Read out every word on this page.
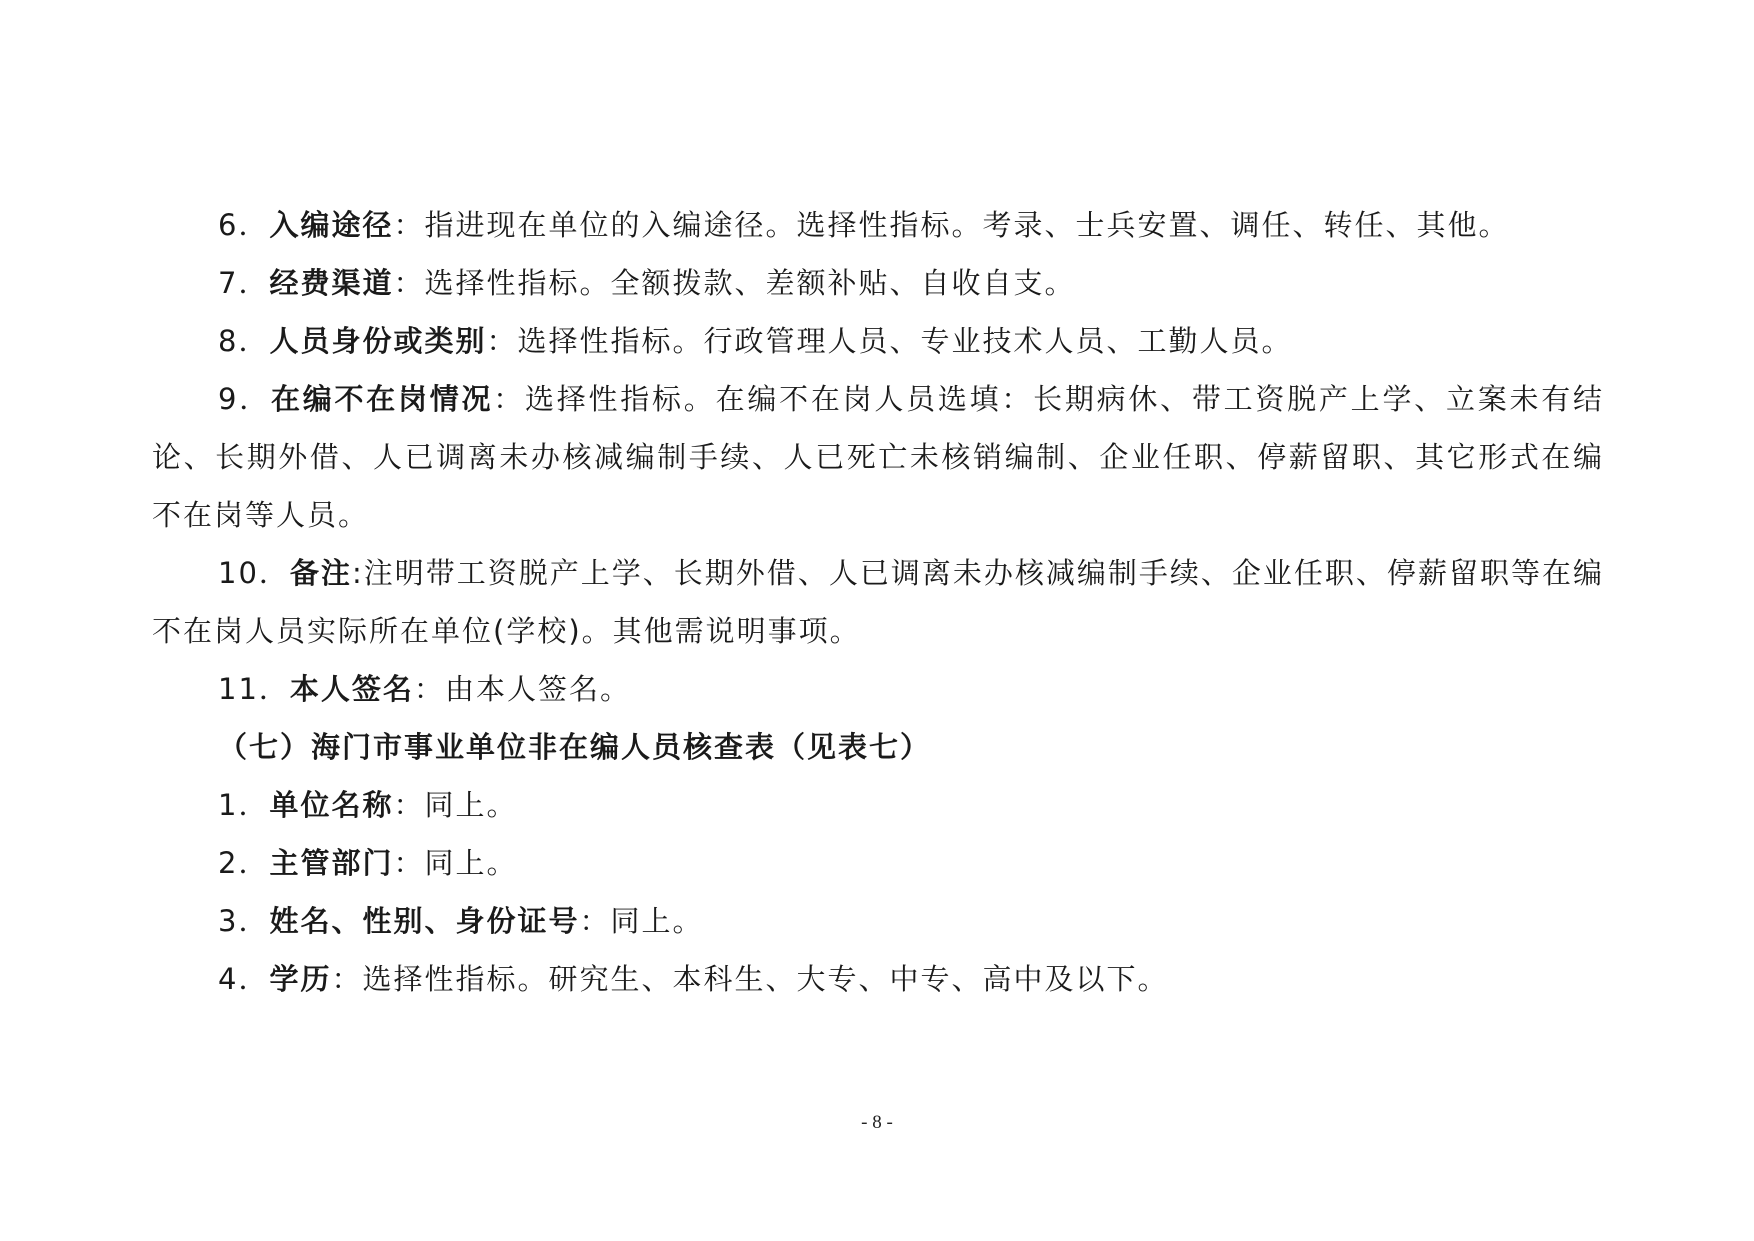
6．入编途径：指进现在单位的入编途径。选择性指标。考录、士兵安置、调任、转任、其他。

7．经费渠道：选择性指标。全额拨款、差额补贴、自收自支。

8．人员身份或类别：选择性指标。行政管理人员、专业技术人员、工勤人员。

9．在编不在岗情况：选择性指标。在编不在岗人员选填：长期病休、带工资脱产上学、立案未有结论、长期外借、人已调离未办核减编制手续、人已死亡未核销编制、企业任职、停薪留职、其它形式在编不在岗等人员。

10．备注:注明带工资脱产上学、长期外借、人已调离未办核减编制手续、企业任职、停薪留职等在编不在岗人员实际所在单位(学校)。其他需说明事项。

11．本人签名：由本人签名。

（七）海门市事业单位非在编人员核查表（见表七）

1．单位名称：同上。

2．主管部门：同上。

3．姓名、性别、身份证号：同上。

4．学历：选择性指标。研究生、本科生、大专、中专、高中及以下。

- 8 -
